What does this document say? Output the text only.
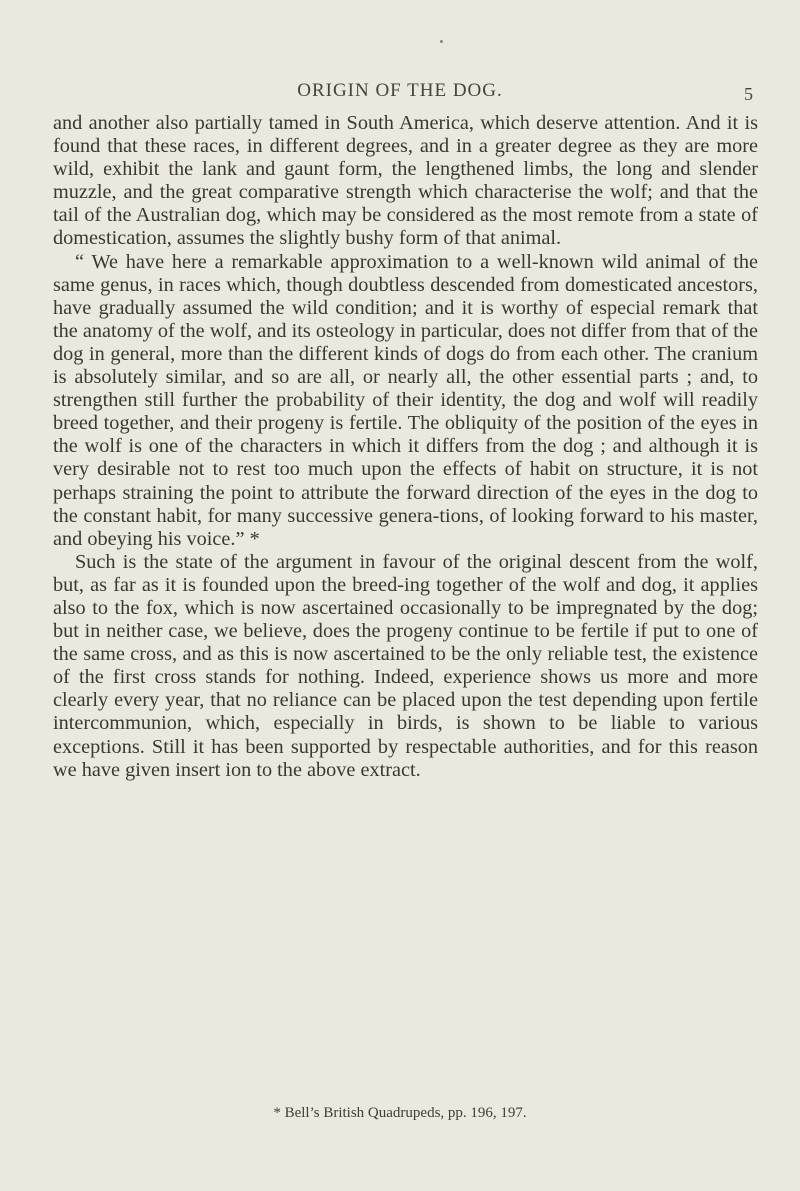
ORIGIN OF THE DOG.	5

and another also partially tamed in South America, which deserve attention. And it is found that these races, in different degrees, and in a greater degree as they are more wild, exhibit the lank and gaunt form, the lengthened limbs, the long and slender muzzle, and the great comparative strength which characterise the wolf; and that the tail of the Australian dog, which may be considered as the most remote from a state of domestication, assumes the slightly bushy form of that animal.

“ We have here a remarkable approximation to a well-known wild animal of the same genus, in races which, though doubtless descended from domesticated ancestors, have gradually assumed the wild condition; and it is worthy of especial remark that the anatomy of the wolf, and its osteology in particular, does not differ from that of the dog in general, more than the different kinds of dogs do from each other. The cranium is absolutely similar, and so are all, or nearly all, the other essential parts ; and, to strengthen still further the probability of their identity, the dog and wolf will readily breed together, and their progeny is fertile. The obliquity of the position of the eyes in the wolf is one of the characters in which it differs from the dog ; and although it is very desirable not to rest too much upon the effects of habit on structure, it is not perhaps straining the point to attribute the forward direction of the eyes in the dog to the constant habit, for many successive genera-tions, of looking forward to his master, and obeying his voice.” *

Such is the state of the argument in favour of the original descent from the wolf, but, as far as it is founded upon the breed-ing together of the wolf and dog, it applies also to the fox, which is now ascertained occasionally to be impregnated by the dog; but in neither case, we believe, does the progeny continue to be fertile if put to one of the same cross, and as this is now ascertained to be the only reliable test, the existence of the first cross stands for nothing. Indeed, experience shows us more and more clearly every year, that no reliance can be placed upon the test depending upon fertile intercommunion, which, especially in birds, is shown to be liable to various exceptions. Still it has been supported by respectable authorities, and for this reason we have given insert ion to the above extract.

* Bell’s British Quadrupeds, pp. 196, 197.
